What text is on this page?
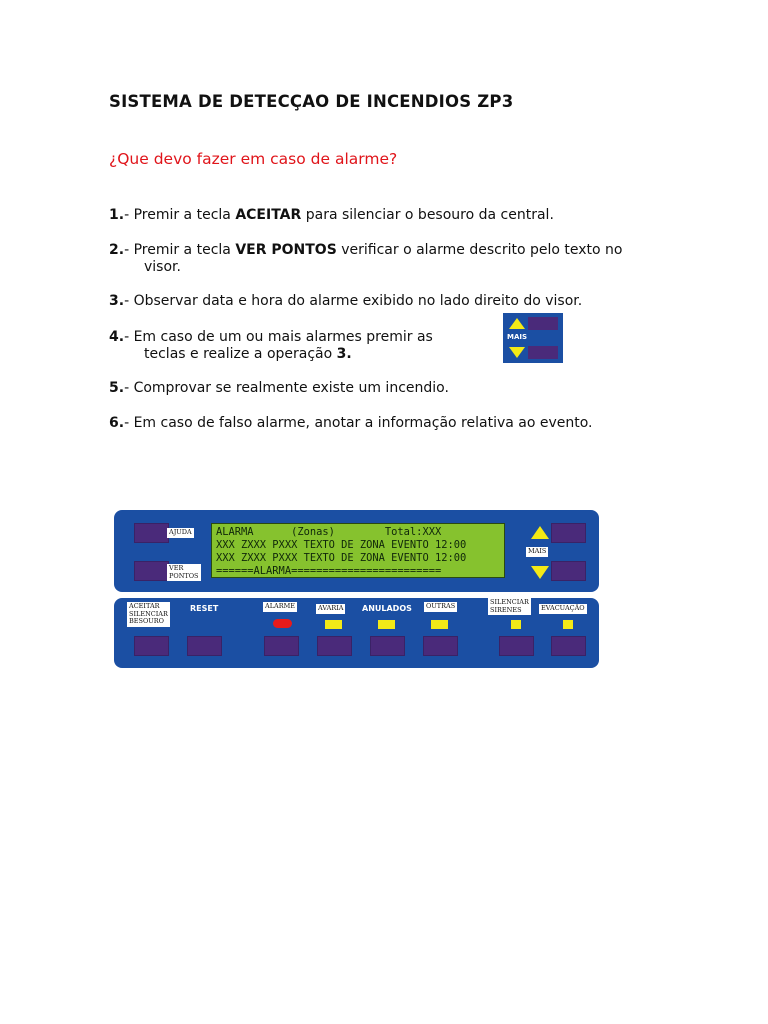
SISTEMA DE DETECÇAO DE INCENDIOS ZP3
¿Que devo fazer em caso de alarme?
1.- Premir a tecla ACEITAR para silenciar o besouro da central.
2.- Premir a tecla VER PONTOS verificar o alarme descrito pelo texto no
visor.
3.- Observar data e hora do alarme exibido no lado direito do visor.
4.- Em caso de um ou mais alarmes premir as
teclas e realize a operação 3.
MAIS
5.- Comprovar se realmente existe um incendio.
6.- Em caso de falso alarme, anotar a informação relativa ao evento.
AJUDA
VER
PONTOS
ALARMA      (Zonas)        Total:XXX
XXX ZXXX PXXX TEXTO DE ZONA EVENTO 12:00
XXX ZXXX PXXX TEXTO DE ZONA EVENTO 12:00
======ALARMA========================
MAIS
ACEITAR
SILENCIAR
BESOURO
RESET	ALARME	AVARIA ANULADOS	OUTRAS	SILENCIAR
SIRENES	EVACUAÇÃO
